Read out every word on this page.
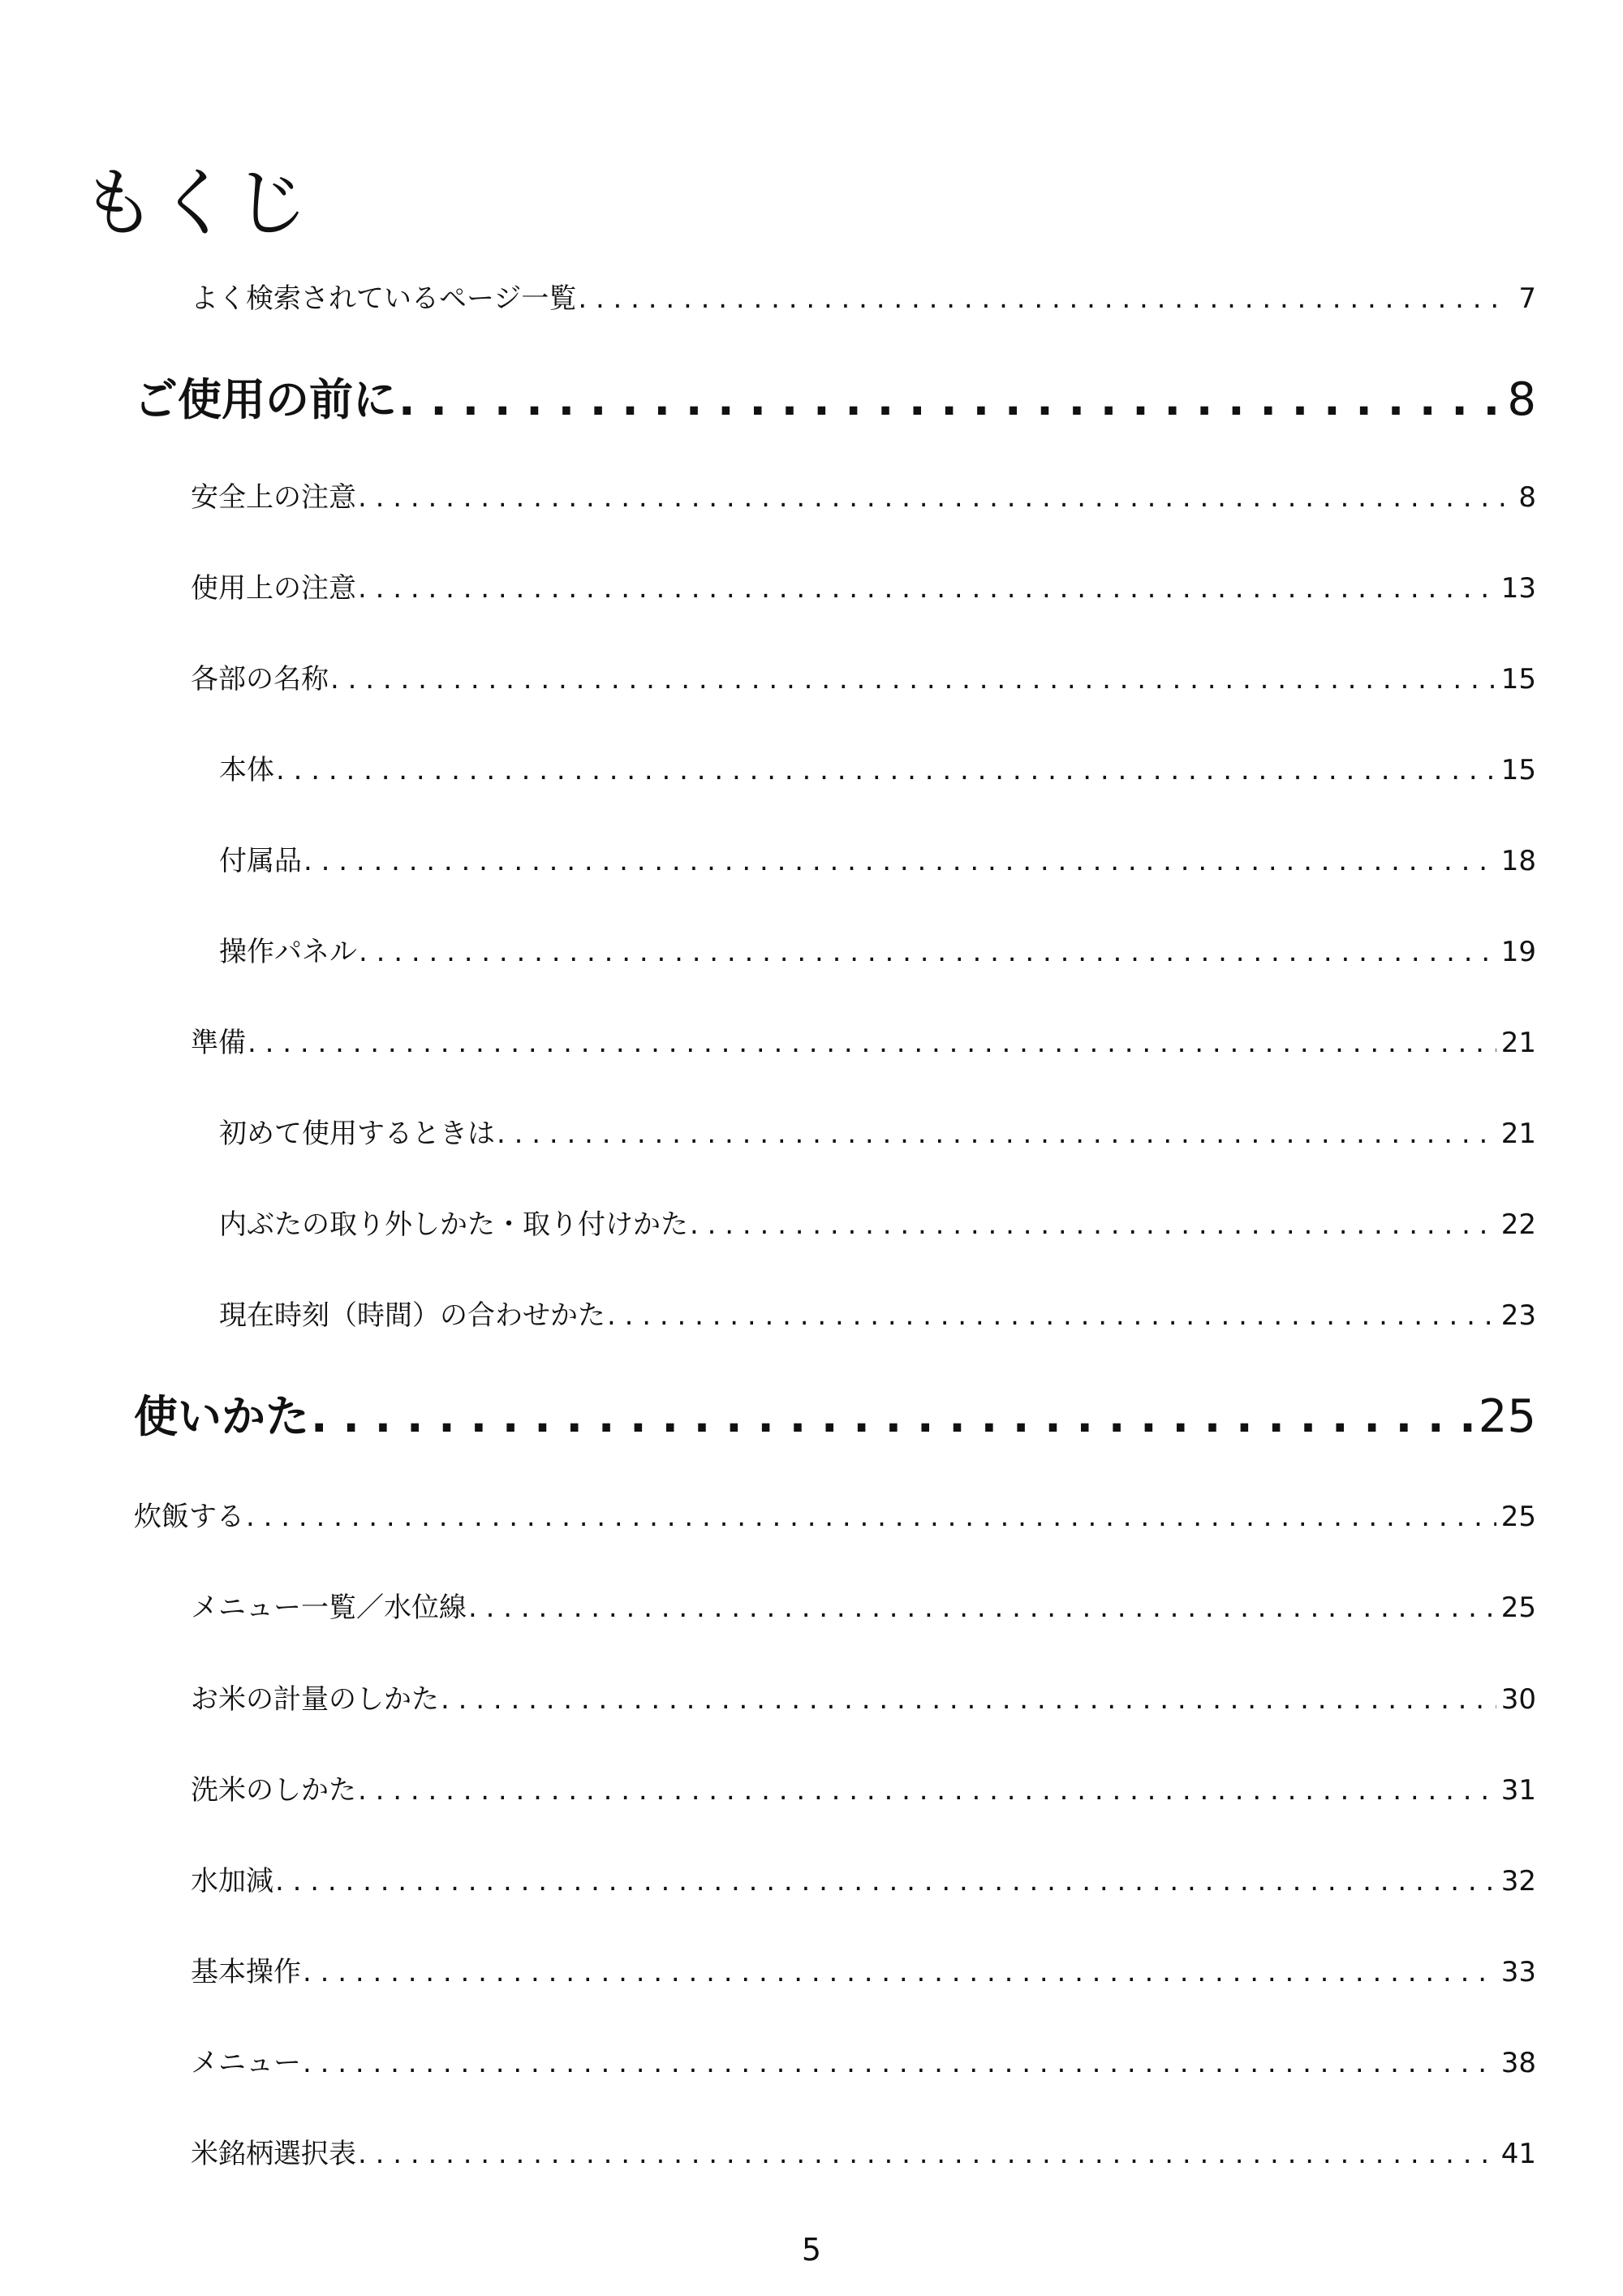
もくじ
よく検索されているページ一覧 . . .	7
ご使用の前に . . .	8
安全上の注意 . . .	8
使用上の注意 . . .	13
各部の名称 . . .	15
本体 . . .	15
付属品 . . .	18
操作パネル . . .	19
準備 . . .	21
初めて使用するときは . . .	21
内ぶたの取り外しかた・取り付けかた . . .	22
現在時刻（時間）の合わせかた . . .	23
使いかた . . .	25
炊飯する . . .	25
メニュー一覧／水位線 . . .	25
お米の計量のしかた . . .	30
洗米のしかた . . .	31
水加減 . . .	32
基本操作 . . .	33
メニュー . . .	38
米銘柄選択表 . . .	41
5
